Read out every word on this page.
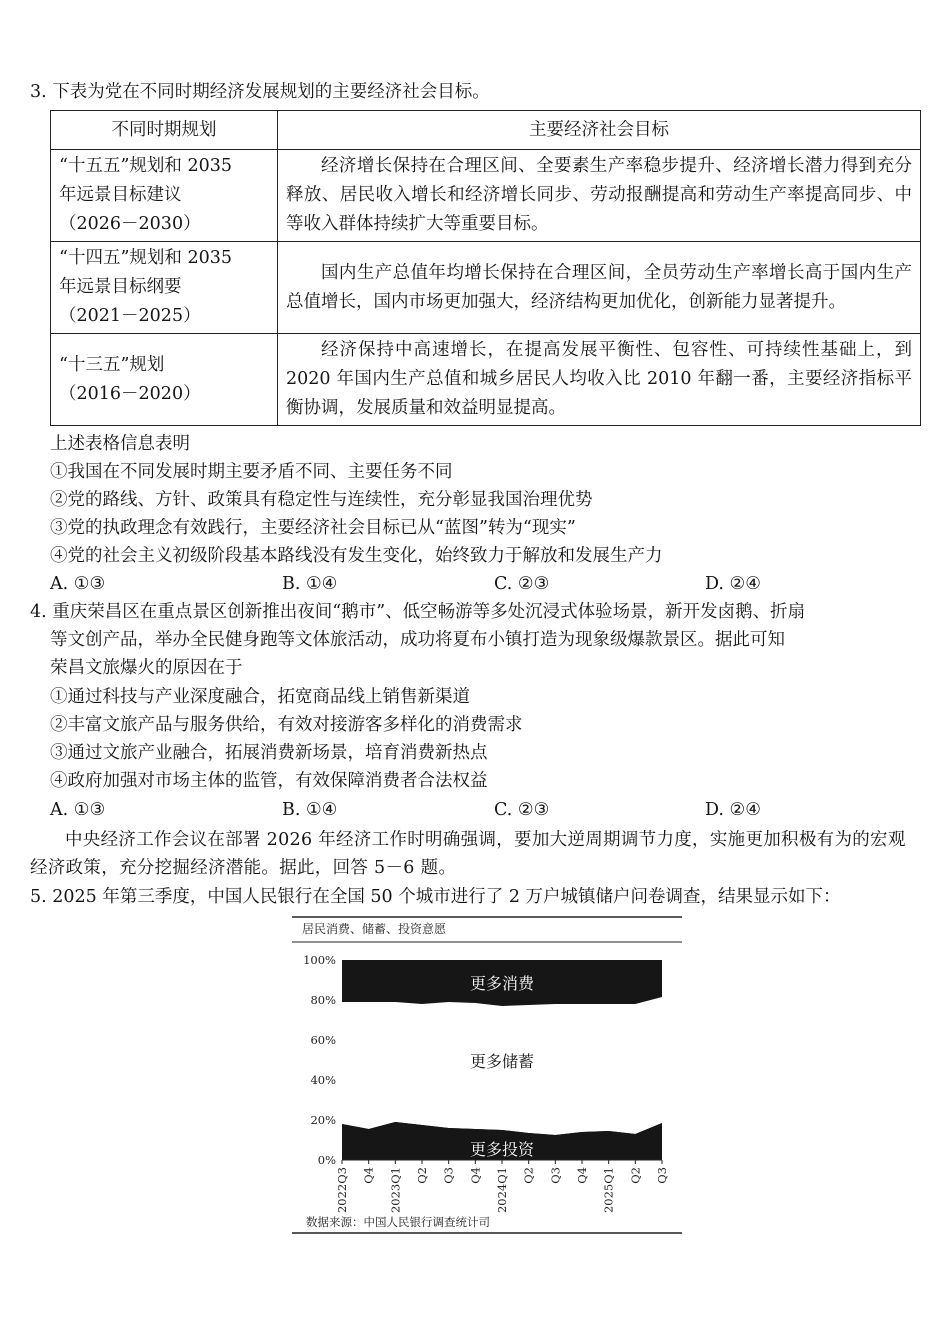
3. 下表为党在不同时期经济发展规划的主要经济社会目标。
不同时期规划	主要经济社会目标
“十五五”规划和 2035
年远景目标建议
（2026－2030）	经济增长保持在合理区间、全要素生产率稳步提升、经济增长潜力得到充分释放、居民收入增长和经济增长同步、劳动报酬提高和劳动生产率提高同步、中等收入群体持续扩大等重要目标。
“十四五”规划和 2035
年远景目标纲要
（2021－2025）	国内生产总值年均增长保持在合理区间，全员劳动生产率增长高于国内生产总值增长，国内市场更加强大，经济结构更加优化，创新能力显著提升。
“十三五”规划
（2016－2020）	经济保持中高速增长，在提高发展平衡性、包容性、可持续性基础上，到 2020 年国内生产总值和城乡居民人均收入比 2010 年翻一番，主要经济指标平衡协调，发展质量和效益明显提高。
上述表格信息表明
①我国在不同发展时期主要矛盾不同、主要任务不同
②党的路线、方针、政策具有稳定性与连续性，充分彰显我国治理优势
③党的执政理念有效践行，主要经济社会目标已从“蓝图”转为“现实”
④党的社会主义初级阶段基本路线没有发生变化，始终致力于解放和发展生产力
A. ①③	B. ①④	C. ②③	D. ②④
4. 重庆荣昌区在重点景区创新推出夜间“鹅市”、低空畅游等多处沉浸式体验场景，新开发卤鹅、折扇
等文创产品，举办全民健身跑等文体旅活动，成功将夏布小镇打造为现象级爆款景区。据此可知
荣昌文旅爆火的原因在于
①通过科技与产业深度融合，拓宽商品线上销售新渠道
②丰富文旅产品与服务供给，有效对接游客多样化的消费需求
③通过文旅产业融合，拓展消费新场景，培育消费新热点
④政府加强对市场主体的监管，有效保障消费者合法权益
A. ①③	B. ①④	C. ②③	D. ②④
中央经济工作会议在部署 2026 年经济工作时明确强调，要加大逆周期调节力度，实施更加积极有为的宏观经济政策，充分挖掘经济潜能。据此，回答 5－6 题。
5. 2025 年第三季度，中国人民银行在全国 50 个城市进行了 2 万户城镇储户问卷调查，结果显示如下：
居民消费、储蓄、投资意愿
0%
20%
40%
60%
80%
100%
2022Q3 Q4 2023Q1 Q2 Q3 Q4 2024Q1 Q2 Q3 Q4 2025Q1 Q2 Q3
更多消费
更多储蓄
更多投资
数据来源：中国人民银行调查统计司
